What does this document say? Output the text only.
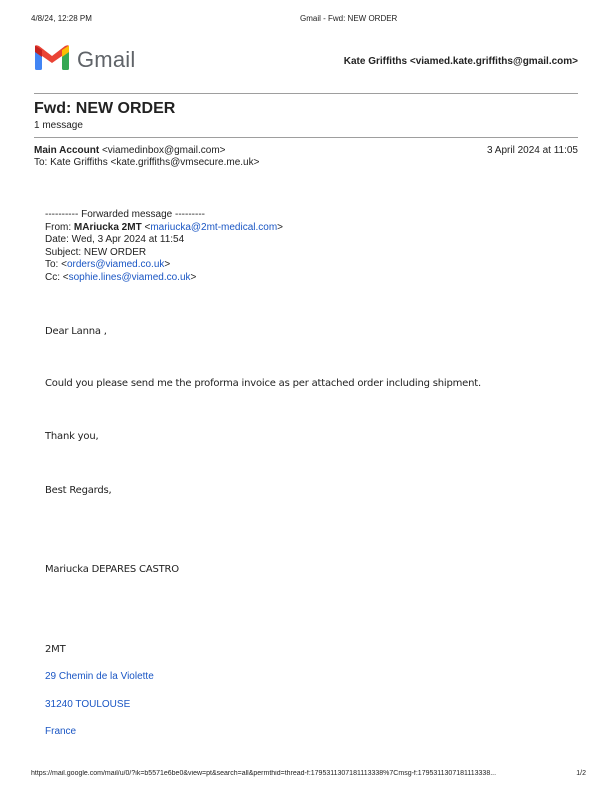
4/8/24, 12:28 PM	Gmail - Fwd: NEW ORDER
Gmail	Kate Griffiths <viamed.kate.griffiths@gmail.com>
Fwd: NEW ORDER
1 message
Main Account <viamedinbox@gmail.com>	3 April 2024 at 11:05
To: Kate Griffiths <kate.griffiths@vmsecure.me.uk>
---------- Forwarded message ---------
From: MAriucka 2MT <mariucka@2mt-medical.com>
Date: Wed, 3 Apr 2024 at 11:54
Subject: NEW ORDER
To: <orders@viamed.co.uk>
Cc: <sophie.lines@viamed.co.uk>
Dear Lanna ,
Could you please send me the proforma invoice as per attached order including shipment.
Thank you,
Best Regards,
Mariucka DEPARES CASTRO
2MT
29 Chemin de la Violette
31240 TOULOUSE
France
https://mail.google.com/mail/u/0/?ik=b5571e6be0&view=pt&search=all&permthid=thread-f:1795311307181113338%7Cmsg-f:1795311307181113338...	1/2
